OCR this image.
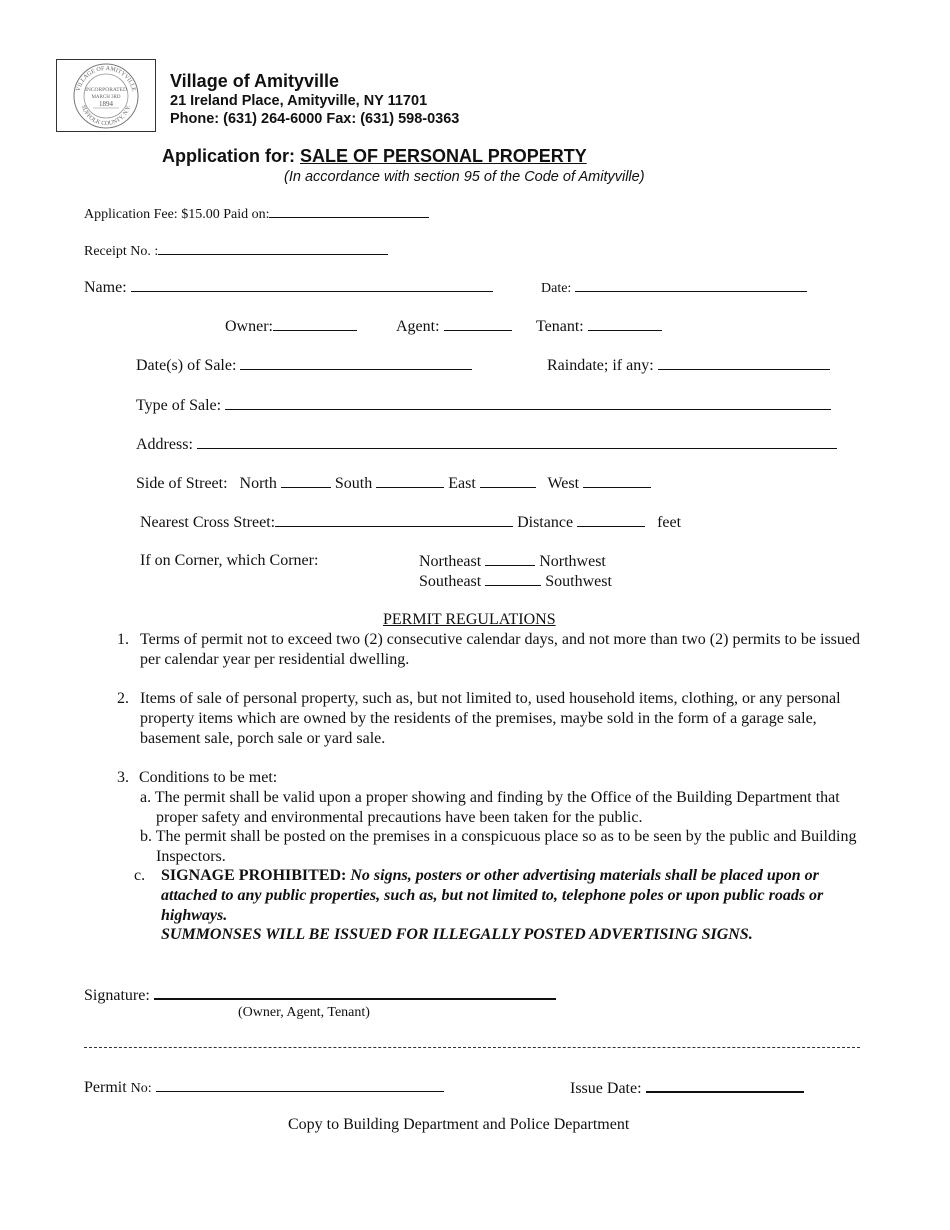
VILLAGE OF AMITYVILLE
SUFFOLK COUNTY, N.Y.
INCORPORATED
MARCH 3RD
1894
Village of Amityville
21 Ireland Place, Amityville, NY 11701
Phone: (631) 264-6000 Fax: (631) 598-0363
Application for: SALE OF PERSONAL PROPERTY
(In accordance with section 95 of the Code of Amityville)
Application Fee: $15.00 Paid on:
Receipt No. :
Name:	Date:
Owner:	Agent:	Tenant:
Date(s) of Sale:	Raindate; if any:
Type of Sale:
Address:
Side of Street: North	South	East	West
Nearest Cross Street:	Distance	feet
If on Corner, which Corner:	Northeast	Northwest
Southeast	Southwest
PERMIT REGULATIONS
1. Terms of permit not to exceed two (2) consecutive calendar days, and not more than two (2) permits to be issued per calendar year per residential dwelling.
2. Items of sale of personal property, such as, but not limited to, used household items, clothing, or any personal property items which are owned by the residents of the premises, maybe sold in the form of a garage sale, basement sale, porch sale or yard sale.
3. Conditions to be met:
a. The permit shall be valid upon a proper showing and finding by the Office of the Building Department that proper safety and environmental precautions have been taken for the public.
b. The permit shall be posted on the premises in a conspicuous place so as to be seen by the public and Building Inspectors.
c. SIGNAGE PROHIBITED: No signs, posters or other advertising materials shall be placed upon or attached to any public properties, such as, but not limited to, telephone poles or upon public roads or highways.
SUMMONSES WILL BE ISSUED FOR ILLEGALLY POSTED ADVERTISING SIGNS.
Signature:
(Owner, Agent, Tenant)
Permit No:	Issue Date:
Copy to Building Department and Police Department
